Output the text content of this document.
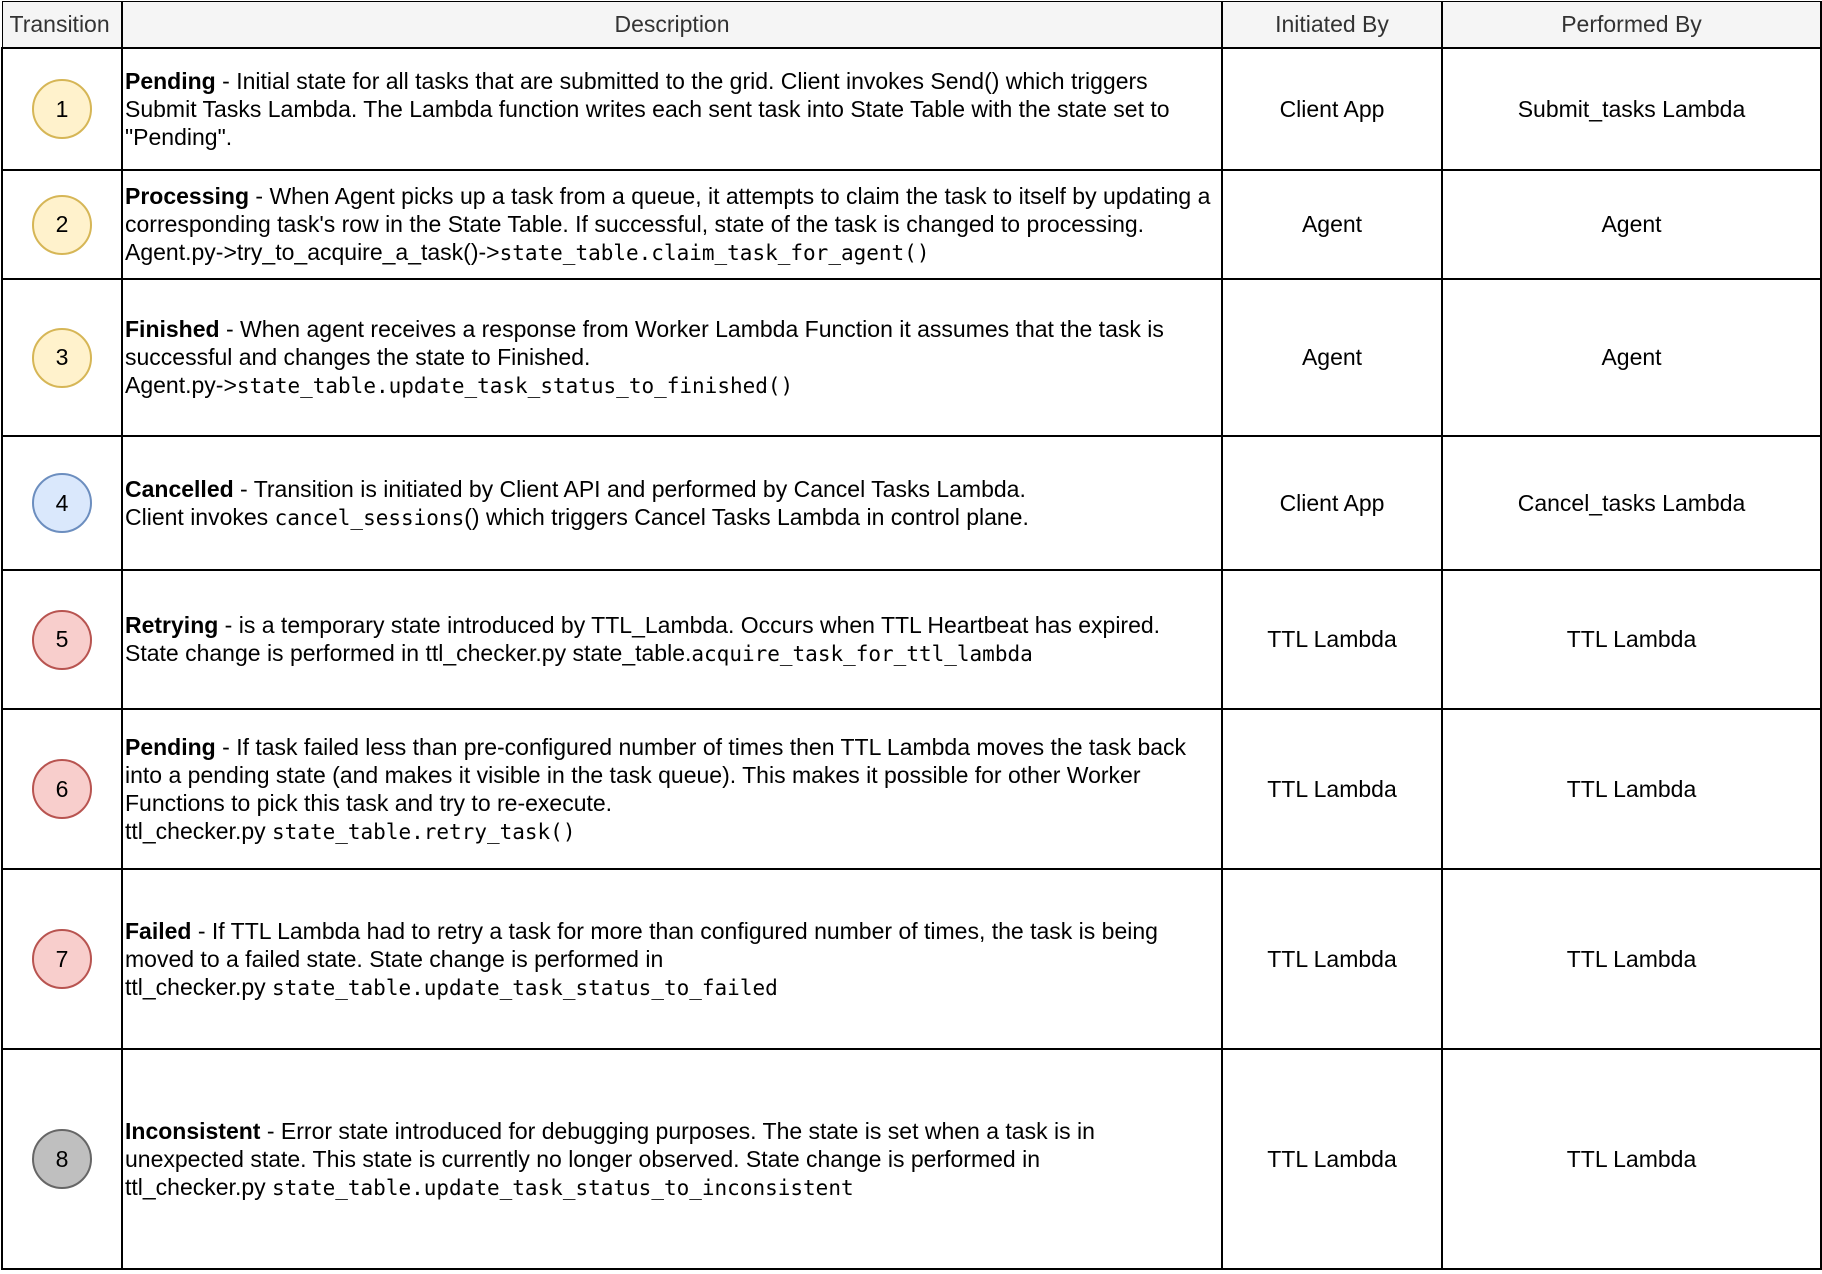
Transition	Description	Initiated By	Performed By

1	Pending - Initial state for all tasks that are submitted to the grid. Client invokes Send() which triggers Submit Tasks Lambda. The Lambda function writes each sent task into State Table with the state set to "Pending".	Client App	Submit_tasks Lambda

2	Processing - When Agent picks up a task from a queue, it attempts to claim the task to itself by updating a corresponding task's row in the State Table. If successful, state of the task is changed to processing. Agent.py->try_to_acquire_a_task()->state_table.claim_task_for_agent()	Agent	Agent

3	Finished - When agent receives a response from Worker Lambda Function it assumes that the task is successful and changes the state to Finished.
Agent.py->state_table.update_task_status_to_finished()	Agent	Agent

4	Cancelled - Transition is initiated by Client API and performed by Cancel Tasks Lambda.
Client invokes cancel_sessions() which triggers Cancel Tasks Lambda in control plane.	Client App	Cancel_tasks Lambda

5	Retrying - is a temporary state introduced by TTL_Lambda. Occurs when TTL Heartbeat has expired.
State change is performed in ttl_checker.py state_table.acquire_task_for_ttl_lambda	TTL Lambda	TTL Lambda

6	Pending - If task failed less than pre-configured number of times then TTL Lambda moves the task back into a pending state (and makes it visible in the task queue). This makes it possible for other Worker Functions to pick this task and try to re-execute.
ttl_checker.py state_table.retry_task()	TTL Lambda	TTL Lambda

7	Failed - If TTL Lambda had to retry a task for more than configured number of times, the task is being moved to a failed state. State change is performed in
ttl_checker.py state_table.update_task_status_to_failed	TTL Lambda	TTL Lambda

8	Inconsistent - Error state introduced for debugging purposes. The state is set when a task is in unexpected state. This state is currently no longer observed. State change is performed in
ttl_checker.py state_table.update_task_status_to_inconsistent	TTL Lambda	TTL Lambda
